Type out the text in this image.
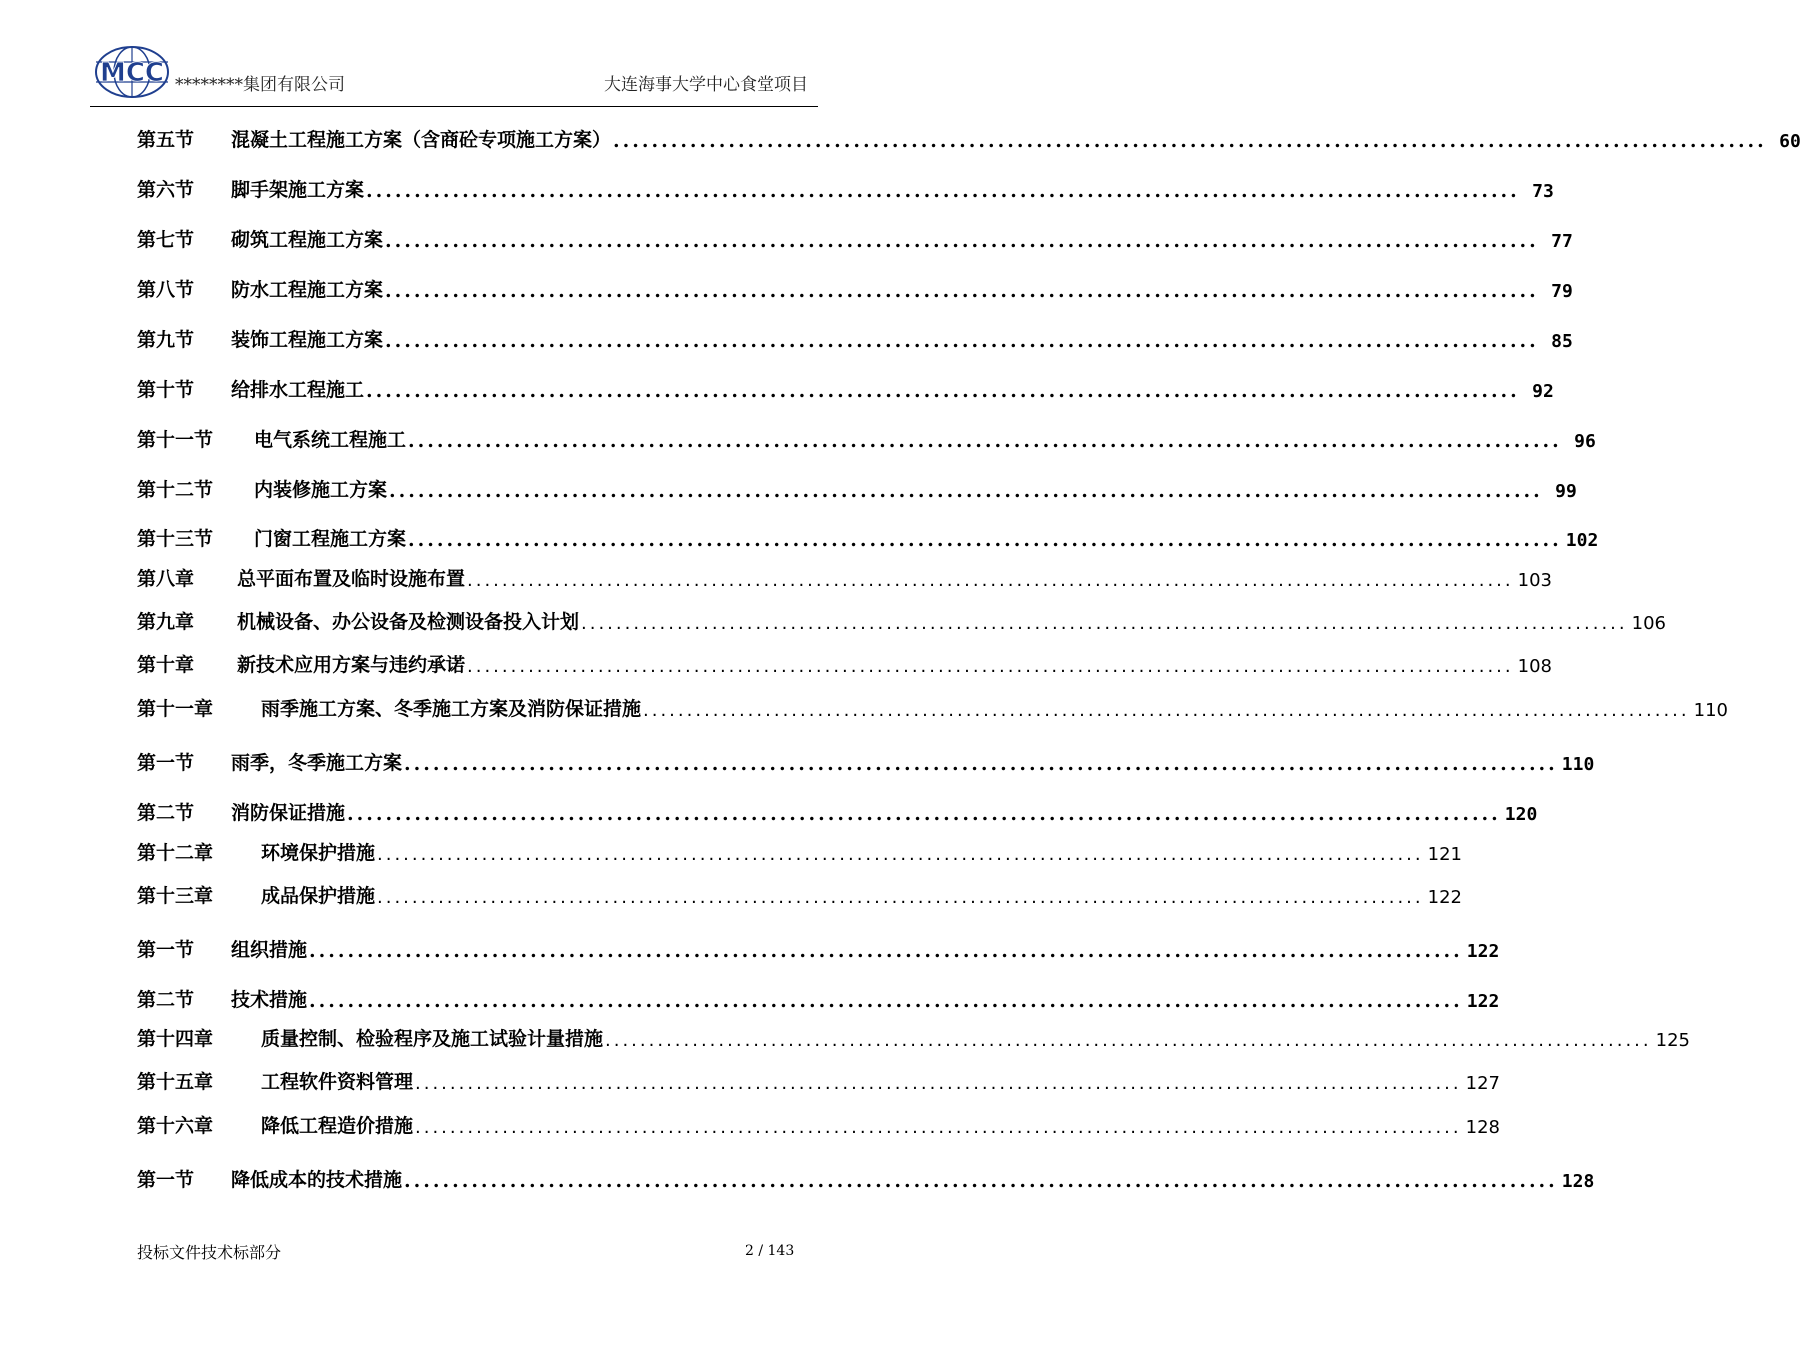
MCC ********集团有限公司	大连海事大学中心食堂项目
第五节	混凝土工程施工方案（含商砼专项施工方案） ........................................................................................................................ 60
第六节	脚手架施工方案 ........................................................................................................................ 73
第七节	砌筑工程施工方案 ........................................................................................................................ 77
第八节	防水工程施工方案 ........................................................................................................................ 79
第九节	装饰工程施工方案 ........................................................................................................................ 85
第十节	给排水工程施工 ........................................................................................................................ 92
第十一节	电气系统工程施工 ........................................................................................................................ 96
第十二节	内装修施工方案 ........................................................................................................................ 99
第十三节	门窗工程施工方案 ........................................................................................................................ 102
第八章	总平面布置及临时设施布置 ........................................................................................................................ 103
第九章	机械设备、办公设备及检测设备投入计划 ........................................................................................................................ 106
第十章	新技术应用方案与违约承诺 ........................................................................................................................ 108
第十一章	雨季施工方案、冬季施工方案及消防保证措施 ........................................................................................................................ 110
第一节	雨季，冬季施工方案 ........................................................................................................................ 110
第二节	消防保证措施 ........................................................................................................................ 120
第十二章	环境保护措施 ........................................................................................................................ 121
第十三章	成品保护措施 ........................................................................................................................ 122
第一节	组织措施 ........................................................................................................................ 122
第二节	技术措施 ........................................................................................................................ 122
第十四章	质量控制、检验程序及施工试验计量措施 ........................................................................................................................ 125
第十五章	工程软件资料管理 ........................................................................................................................ 127
第十六章	降低工程造价措施 ........................................................................................................................ 128
第一节	降低成本的技术措施 ........................................................................................................................ 128
投标文件技术标部分	2 / 143
